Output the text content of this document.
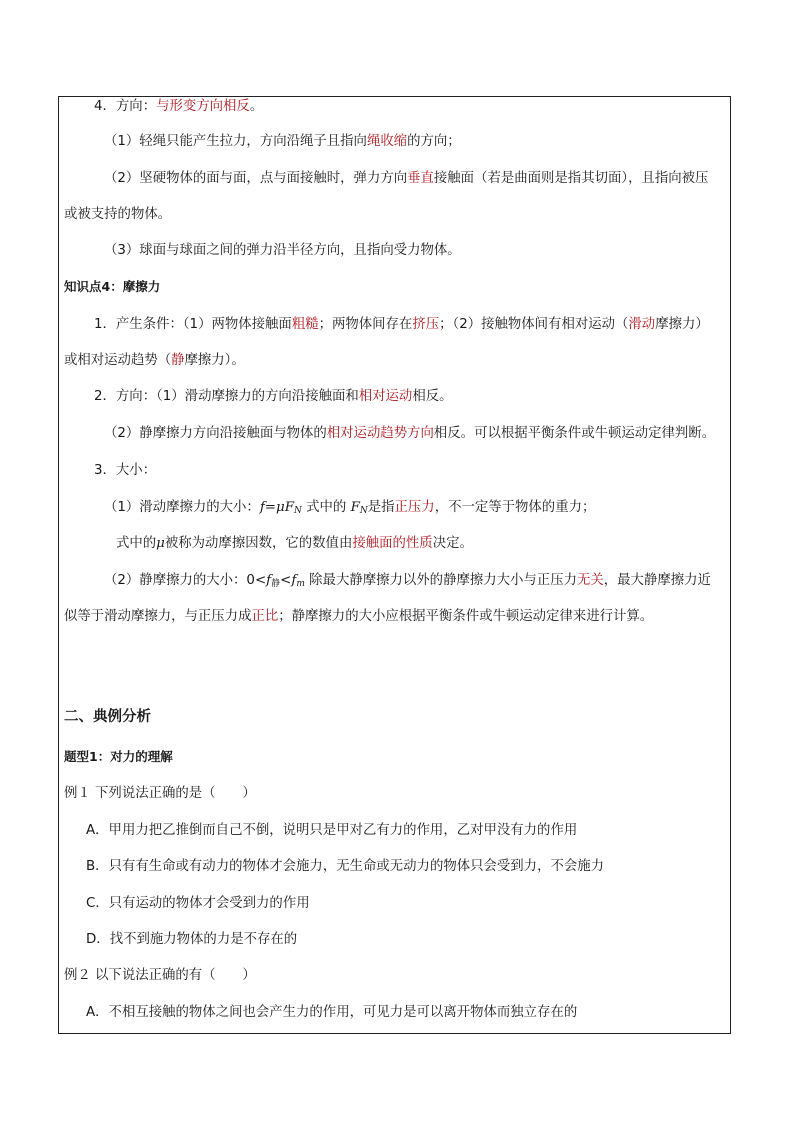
4．方向：与形变方向相反。
（1）轻绳只能产生拉力，方向沿绳子且指向绳收缩的方向；
（2）坚硬物体的面与面，点与面接触时，弹力方向垂直接触面（若是曲面则是指其切面），且指向被压
或被支持的物体。
（3）球面与球面之间的弹力沿半径方向，且指向受力物体。
知识点4：摩擦力
1．产生条件：（1）两物体接触面粗糙；两物体间存在挤压；（2）接触物体间有相对运动（滑动摩擦力）
或相对运动趋势（静摩擦力）。
2．方向：（1）滑动摩擦力的方向沿接触面和相对运动相反。
（2）静摩擦力方向沿接触面与物体的相对运动趋势方向相反。可以根据平衡条件或牛顿运动定律判断。
3．大小：
（1）滑动摩擦力的大小：$f=\mu F_N$ 式中的 $F_N$是指正压力，不一定等于物体的重力；
式中的μ被称为动摩擦因数，它的数值由接触面的性质决定。
（2）静摩擦力的大小：$0<f_静<f_m$ 除最大静摩擦力以外的静摩擦力大小与正压力无关，最大静摩擦力近
似等于滑动摩擦力，与正压力成正比；静摩擦力的大小应根据平衡条件或牛顿运动定律来进行计算。
二、典例分析
题型1：对力的理解
例１ 下列说法正确的是（　　）
A．甲用力把乙推倒而自己不倒，说明只是甲对乙有力的作用，乙对甲没有力的作用
B．只有有生命或有动力的物体才会施力，无生命或无动力的物体只会受到力，不会施力
C．只有运动的物体才会受到力的作用
D．找不到施力物体的力是不存在的
例２ 以下说法正确的有（　　）
A．不相互接触的物体之间也会产生力的作用，可见力是可以离开物体而独立存在的
